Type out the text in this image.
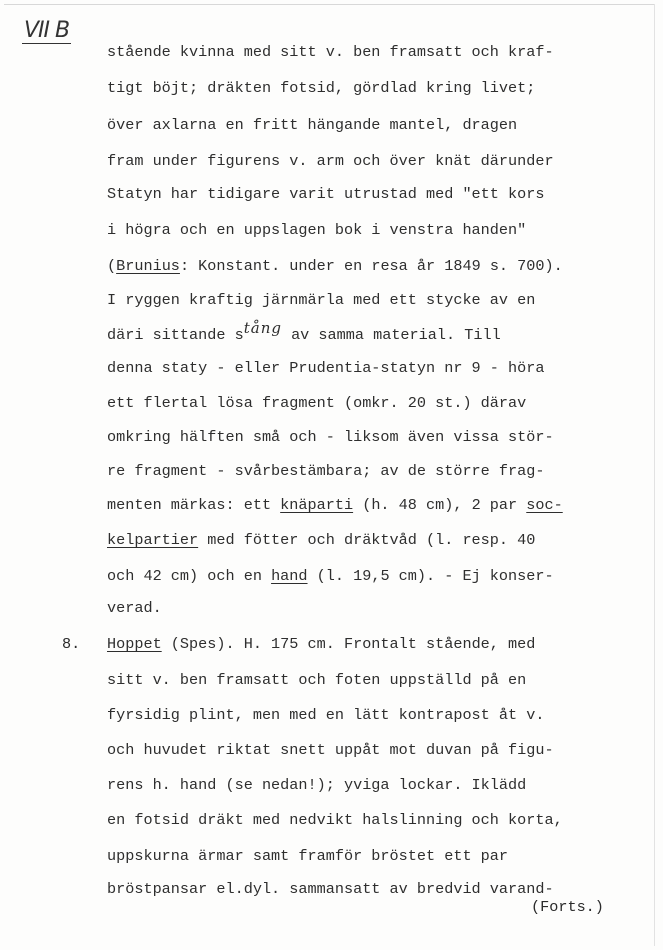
VII B
stående kvinna med sitt v. ben framsatt och kraf-
tigt böjt; dräkten fotsid, gördlad kring livet;
över axlarna en fritt hängande mantel, dragen
fram under figurens v. arm och över knät därunder
Statyn har tidigare varit utrustad med "ett kors
i högra och en uppslagen bok i venstra handen"
(Brunius: Konstant. under en resa år 1849 s. 700).
I ryggen kraftig järnmärla med ett stycke av en
däri sittande stång av samma material. Till
denna staty - eller Prudentia-statyn nr 9 - höra
ett flertal lösa fragment (omkr. 20 st.) därav
omkring hälften små och - liksom även vissa stör-
re fragment - svårbestämbara; av de större frag-
menten märkas: ett knäparti (h. 48 cm), 2 par soc-
kelpartier med fötter och dräktvåd (l. resp. 40
och 42 cm) och en hand (l. 19,5 cm). - Ej konser-
verad.
8. Hoppet (Spes). H. 175 cm. Frontalt stående, med
sitt v. ben framsatt och foten uppställd på en
fyrsidig plint, men med en lätt kontrapost åt v.
och huvudet riktat snett uppåt mot duvan på figu-
rens h. hand (se nedan!); yviga lockar. Iklädd
en fotsid dräkt med nedvikt halslinning och korta,
uppskurna ärmar samt framför bröstet ett par
bröstpansar el.dyl. sammansatt av bredvid varand-
(Forts.)
